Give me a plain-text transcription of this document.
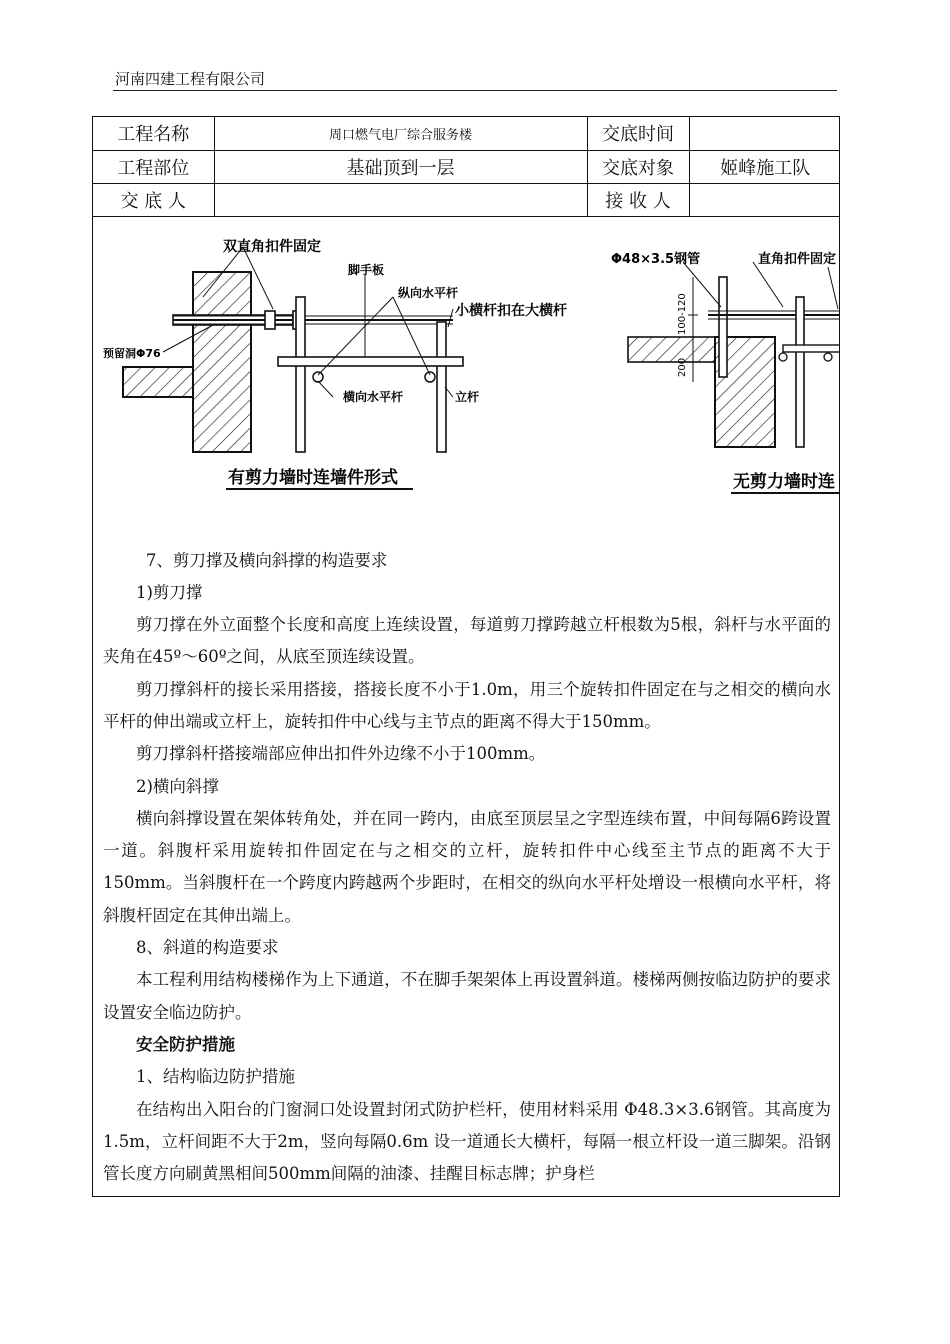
河南四建工程有限公司
工程名称	周口燃气电厂综合服务楼	交底时间	
工程部位	基础顶到一层	交底对象	姬峰施工队
交 底 人		接 收 人	
双直角扣件固定
脚手板
纵向水平杆
小横杆扣在大横杆
预留洞Φ76
横向水平杆	立杆
有剪力墙时连墙件形式
Φ48×3.5钢管	直角扣件固定
100-120
200
无剪力墙时连

7、剪刀撑及横向斜撑的构造要求

1)剪刀撑

剪刀撑在外立面整个长度和高度上连续设置，每道剪刀撑跨越立杆根数为5根，斜杆与水平面的夹角在45º～60º之间，从底至顶连续设置。

剪刀撑斜杆的接长采用搭接，搭接长度不小于1.0m，用三个旋转扣件固定在与之相交的横向水平杆的伸出端或立杆上，旋转扣件中心线与主节点的距离不得大于150mm。

剪刀撑斜杆搭接端部应伸出扣件外边缘不小于100mm。

2)横向斜撑

横向斜撑设置在架体转角处，并在同一跨内，由底至顶层呈之字型连续布置，中间每隔6跨设置一道。斜腹杆采用旋转扣件固定在与之相交的立杆，旋转扣件中心线至主节点的距离不大于150mm。当斜腹杆在一个跨度内跨越两个步距时，在相交的纵向水平杆处增设一根横向水平杆，将斜腹杆固定在其伸出端上。

8、斜道的构造要求

本工程利用结构楼梯作为上下通道，不在脚手架架体上再设置斜道。楼梯两侧按临边防护的要求设置安全临边防护。

安全防护措施

1、结构临边防护措施

在结构出入阳台的门窗洞口处设置封闭式防护栏杆，使用材料采用 Φ48.3×3.6钢管。其高度为1.5m，立杆间距不大于2m，竖向每隔0.6m 设一道通长大横杆，每隔一根立杆设一道三脚架。沿钢管长度方向刷黄黑相间500mm间隔的油漆、挂醒目标志牌；护身栏
